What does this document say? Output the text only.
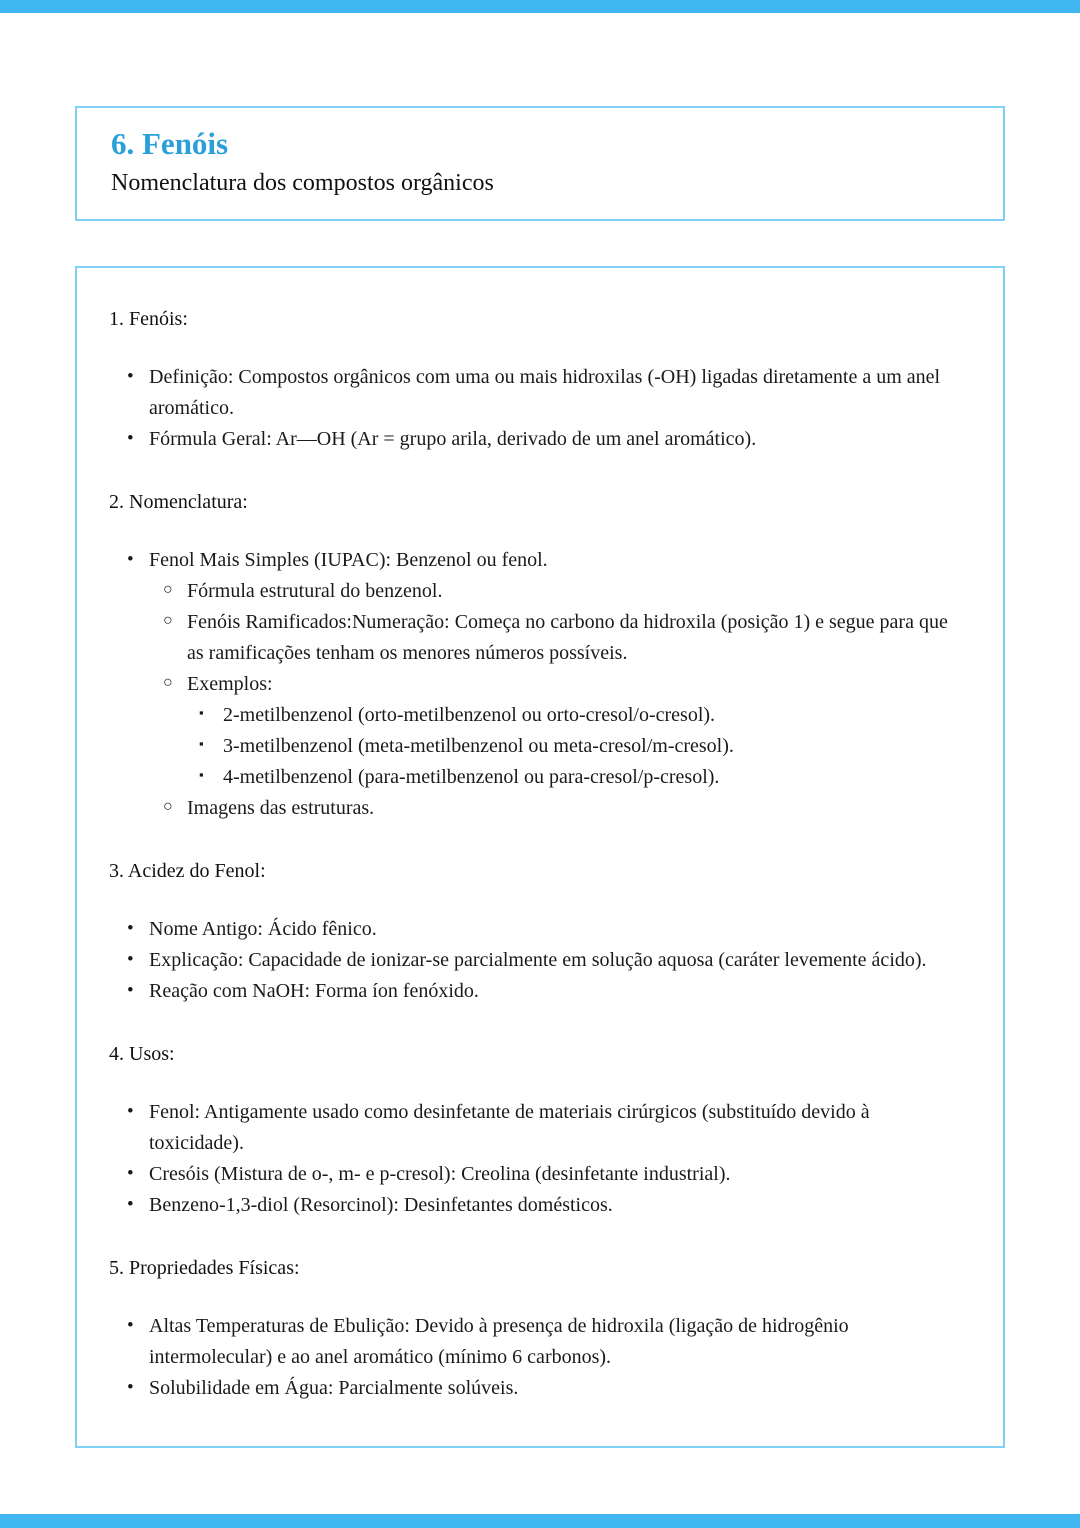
6. Fenóis
Nomenclatura dos compostos orgânicos

1. Fenóis:

• Definição: Compostos orgânicos com uma ou mais hidroxilas (-OH) ligadas diretamente a um anel aromático.
• Fórmula Geral: Ar—OH (Ar = grupo arila, derivado de um anel aromático).

2. Nomenclatura:

• Fenol Mais Simples (IUPAC): Benzenol ou fenol.
○ Fórmula estrutural do benzenol.
○ Fenóis Ramificados:Numeração: Começa no carbono da hidroxila (posição 1) e segue para que as ramificações tenham os menores números possíveis.
○ Exemplos:
▪ 2-metilbenzenol (orto-metilbenzenol ou orto-cresol/o-cresol).
▪ 3-metilbenzenol (meta-metilbenzenol ou meta-cresol/m-cresol).
▪ 4-metilbenzenol (para-metilbenzenol ou para-cresol/p-cresol).
○ Imagens das estruturas.

3. Acidez do Fenol:

• Nome Antigo: Ácido fênico.
• Explicação: Capacidade de ionizar-se parcialmente em solução aquosa (caráter levemente ácido).
• Reação com NaOH: Forma íon fenóxido.

4. Usos:

• Fenol: Antigamente usado como desinfetante de materiais cirúrgicos (substituído devido à toxicidade).
• Cresóis (Mistura de o-, m- e p-cresol): Creolina (desinfetante industrial).
• Benzeno-1,3-diol (Resorcinol): Desinfetantes domésticos.

5. Propriedades Físicas:

• Altas Temperaturas de Ebulição: Devido à presença de hidroxila (ligação de hidrogênio intermolecular) e ao anel aromático (mínimo 6 carbonos).
• Solubilidade em Água: Parcialmente solúveis.
